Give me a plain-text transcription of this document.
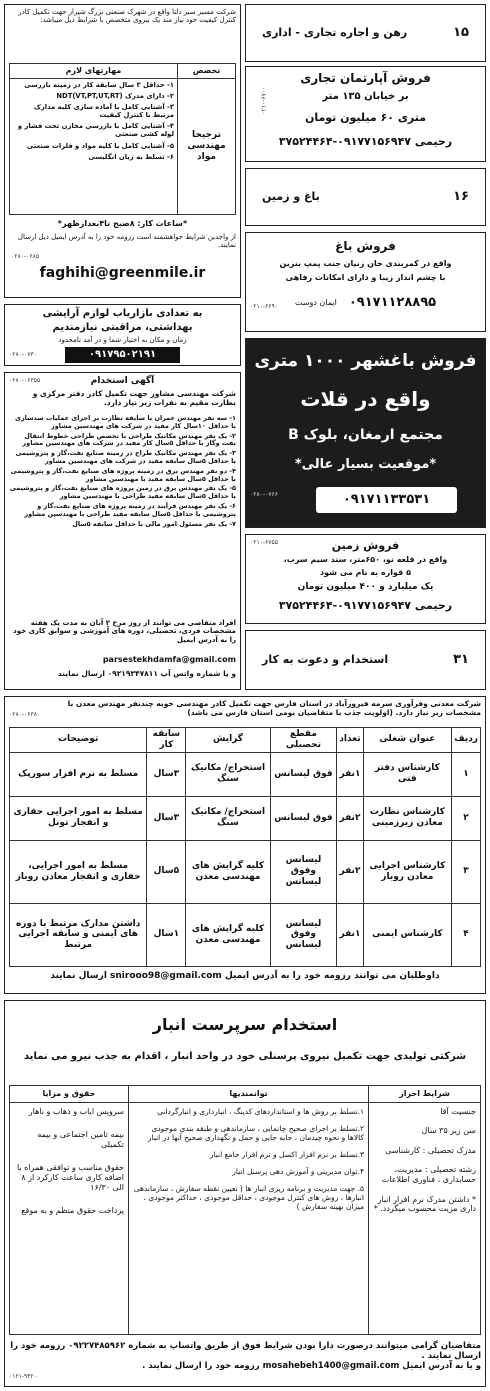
۱۵
رهن و اجاره تجاری - اداری
فروش آپارتمان تجاری
بر خیابان ۱۳۵ متر
متری ۶۰ میلیون تومان
رحیمی ۰۹۱۷۷۱۵۶۹۴۷-۳۷۵۲۴۴۶۴
۰۲۱۰-۶۷۰۰
۱۶
باغ و زمین
فروش باغ
واقع در کمربندی خان زنیان جنب پمپ بنزین
با چشم انداز زیبا و دارای امکانات رفاهی
۰۹۱۷۱۱۲۸۸۹۵
ایمان دوست
۰۲۱۰-۶۶۹۰
فروش باغشهر ۱۰۰۰ متری
واقع در قلات
مجتمع ارمغان، بلوک B
*موقعیت بسیار عالی*
۰۹۱۷۱۱۳۳۵۳۱
۰۲۸۰-۰۷۶۶
فروش زمین
واقع در قلعه نو، ۶۵۰متر، سند سیم سرب،
۵ قواره به نام می شود
یک میلیارد و ۴۰۰ میلیون تومان
رحیمی ۰۹۱۷۷۱۵۶۹۴۷-۳۷۵۲۴۴۶۴
۰۲۱۰-۶۷۵۵
۳۱
استخدام و دعوت به کار
شرکت مسیر سبز دلتا واقع در شهرک صنعتی بزرگ شیراز جهت تکمیل کادر کنترل کیفیت خود نیاز مند یک نیروی متخصص با شرایط ذیل میباشد:
تخصص
ترجیحا مهندسی مواد
مهارتهای لازم
۱- حداقل ۳ سال سابقه کار در زمینه بازرسی
۲- دارای مدرک (NDT(VT,PT,UT,RT
۳- آشنایی کامل با آماده سازی کلیه مدارک مرتبط با کنترل کیفیت
۴- آشنایی کامل با بازرسی مخازن تحت فشار و لوله کشی صنعتی
۵- آشنایی کامل با کلیه مواد و فلزات صنعتی
۶- تسلط به زبان انگلیسی
*ساعات کار: ۸صبح تا۴بعدازظهر*
از واجدین شرایط خواهشمند است رزومه خود را به آدرس ایمیل ذیل ارسال نمایند.
۰۲۸۰-۰۶۸۵
faghihi@greenmile.ir
به تعدادی بازاریاب لوازم آرایشی
بهداشتی، مراقبتی نیازمندیم
زمان و مکان به اختیار شما و در آمد نامحدود
۰۹۱۷۹۵۰۲۱۹۱
۰۲۸۰-۰۷۳۰
آگهی استخدام
۰۲۸۰-۰۶۳۵۵
شرکت مهندسی مشاور جهت تکمیل کادر دفتر مرکزی و نظارت مقیم به نفرات زیر نیاز دارد.
۱- سه نفر مهندس عمران با سابقه نظارت بر اجرای عملیات سدسازی با حداقل ۱۰سال کار مفید در شرکت های مهندسین مشاور
۲- یک نفر مهندس مکانیک طراحی با تخصص طراحی خطوط انتقال نفت وگاز با حداقل ۵سال کار مفید در شرکت های مهندسین مشاور
۳- یک نفر مهندس مکانیک طراح در زمینه صنایع نفت،گاز و پتروشیمی با حداقل ۵سال سابقه مفید در شرکت های مهندسین مشاور
۴- دو نفر مهندس برق در زمینه پروژه های صنایع نفت،گاز و پتروشیمی با حداقل ۵سال سابقه مفید با مهندسین مشاور
۵- یک نفر مهندس برق در زمین پروژه های صنایع نفت،گاز و پتروشیمی با حداقل ۵سال سابقه مفید طراحی با مهندسین مشاور
۶- یک نفر مهندس فرآیند در زمینه پروژه های صنایع نفت،گاز و پتروشیمی با حداقل ۵سال سابقه مفید طراحی با مهندسین مشاور
۷- یک نفر مسئول امور مالی با حداقل سابقه ۵سال
افراد متقاضی می توانند از روز مرخ ۲ آبان به مدت یک هفته مشخصات فردی، تحصیلی، دوره های آموزشی و سوابق کاری خود را به آدرس ایمیل
parsestekhdamfa@gmail.com
و یا شماره واتس آپ ۰۹۲۱۹۳۴۷۸۱۱ ارسال نمایند
شرکت معدنی وفرآوری سرمه فیروزآباد در استان فارس جهت تکمیل کادر مهندسی خوبه چندنفر مهندس معدن با مشخصات زیر نیاز دارد. (اولویت جذب با متقاضیان بومی استان فارس می باشد)
۰۲۸۰-۰۶۳۸۰
ردیف	عنوان شغلی	تعداد	مقطع تحصیلی	گرایش	سابقه کار	توضیحات
۱	کارشناس دفتر فنی	۱نفر	فوق لیسانس	استخراج/ مکانیک سنگ	۳سال	مسلط به نرم افزار سورپک
۲	کارشناس نظارت معادن زیرزمینی	۲نفر	فوق لیسانس	استخراج/ مکانیک سنگ	۳سال	مسلط به امور اجرایی حفاری و انفجار تونل
۳	کارشناس اجرایی معادن روباز	۲نفر	لیسانس وفوق لیسانس	کلیه گرایش های مهندسی معدن	۵سال	مسلط به امور اجرایی، حفاری و انفجار معادن روباز
۴	کارشناس ایمنی	۱نفر	لیسانس وفوق لیسانس	کلیه گرایش های مهندسی معدن	۱سال	داشتن مدارک مرتبط با دوره های ایمنی و سابقه اجرایی مرتبط
داوطلبان می توانند رزومه خود را به آدرس ایمیل snirooo98@gmail.com ارسال نمایند
استخدام سرپرست انبار
شرکتی تولیدی جهت تکمیل نیروی پرسنلی خود در واحد انبار ، اقدام به جذب نیرو می نماید
شرایط احراز
جنسیت آقا
سن زیر ۳۵ سال
مدرک تحصیلی : کارشناسی
رشته تحصیلی : مدیریت، حسابداری ، فناوری اطلاعات
* داشتن مدرک نرم افزار انبار داری مزیت محسوب میگردد. *
توانمندیها
۱.تسلط بر روش ها و استانداردهای کدینگ ، انبارداری و انبارگردانی
۲.تسلط بر اجرای صحیح چانمایی ، سازماندهی و طبقه بندی موجودی کالاها و نحوه چیدمان ، جابه جایی و حمل و نگهداری صحیح آنها در انبار
۳.تسلط بر نرم افزار اکسل و نرم افزار جامع انبار
۴.توان مدیریتی و آموزش دهی پرسنل انبار
۵. جهت مدیریت و برنامه ریزی انبار ها ( تعیین نقطه سفارش ، سازماندهی انبارها ، روش های کنترل موجودی ، حداقل موجودی ، حداکثر موجودی ، میزان بهینه سفارش )
حقوق و مزایا
سرویس ایاب و ذهاب و ناهار
بیمه تامین اجتماعی و بیمه تکمیلی
حقوق مناسب و توافقی همراه با اضافه کاری ساعت کارکرد از ۸ الی ۱۶/۳۰
پرداخت حقوق منظم و به موقع
متقاضیان گرامی میتوانند درصورت دارا بودن شرایط فوق از طریق واتساپ به شماره ۰۹۲۲۷۴۸۵۹۶۲ رزومه خود را ارسال نمایند .
و یا به آدرس ایمیل mosahebeh1400@gmail.com رزومه خود را ارسال نمایند .
۰۱۲۱-۹۴۲۰
